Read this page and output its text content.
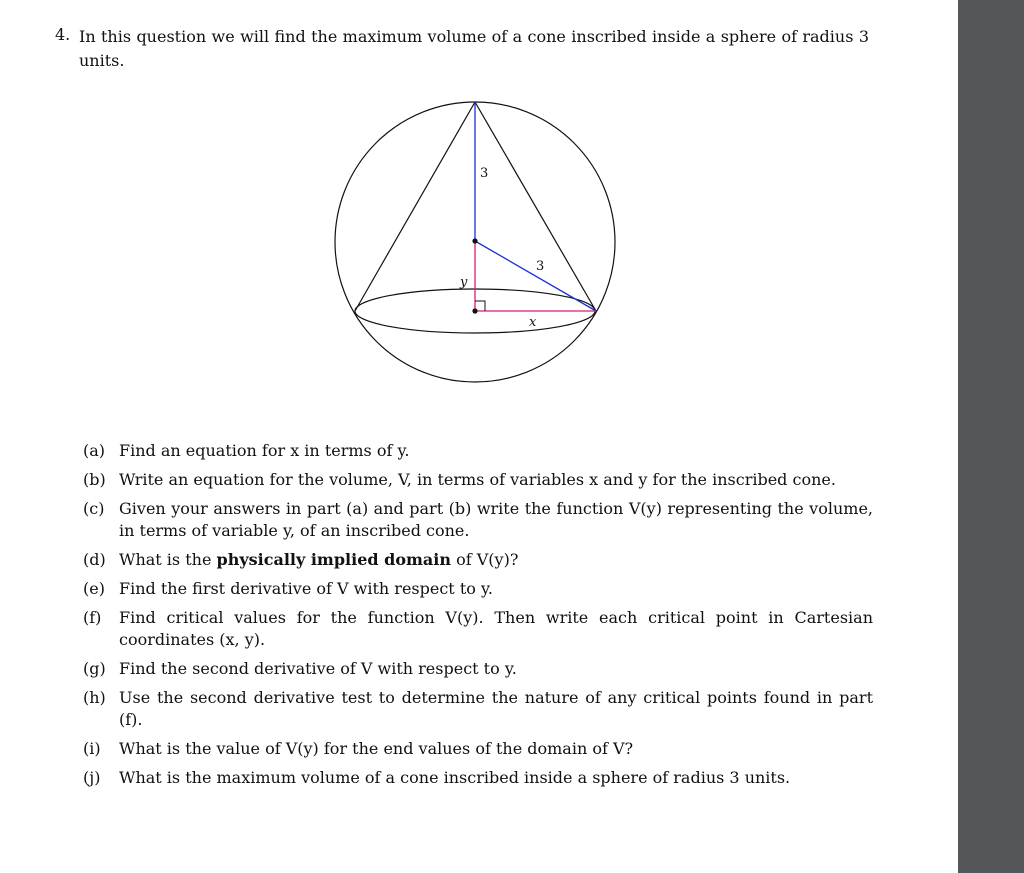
4. In this question we will find the maximum volume of a cone inscribed inside a sphere of radius 3 units.
3
3
y
x
(a) Find an equation for x in terms of y.
(b) Write an equation for the volume, V, in terms of variables x and y for the inscribed cone.
(c) Given your answers in part (a) and part (b) write the function V(y) representing the volume, in terms of variable y, of an inscribed cone.
(d) What is the physically implied domain of V(y)?
(e) Find the first derivative of V with respect to y.
(f) Find critical values for the function V(y). Then write each critical point in Cartesian coordinates (x, y).
(g) Find the second derivative of V with respect to y.
(h) Use the second derivative test to determine the nature of any critical points found in part (f).
(i) What is the value of V(y) for the end values of the domain of V?
(j) What is the maximum volume of a cone inscribed inside a sphere of radius 3 units.
